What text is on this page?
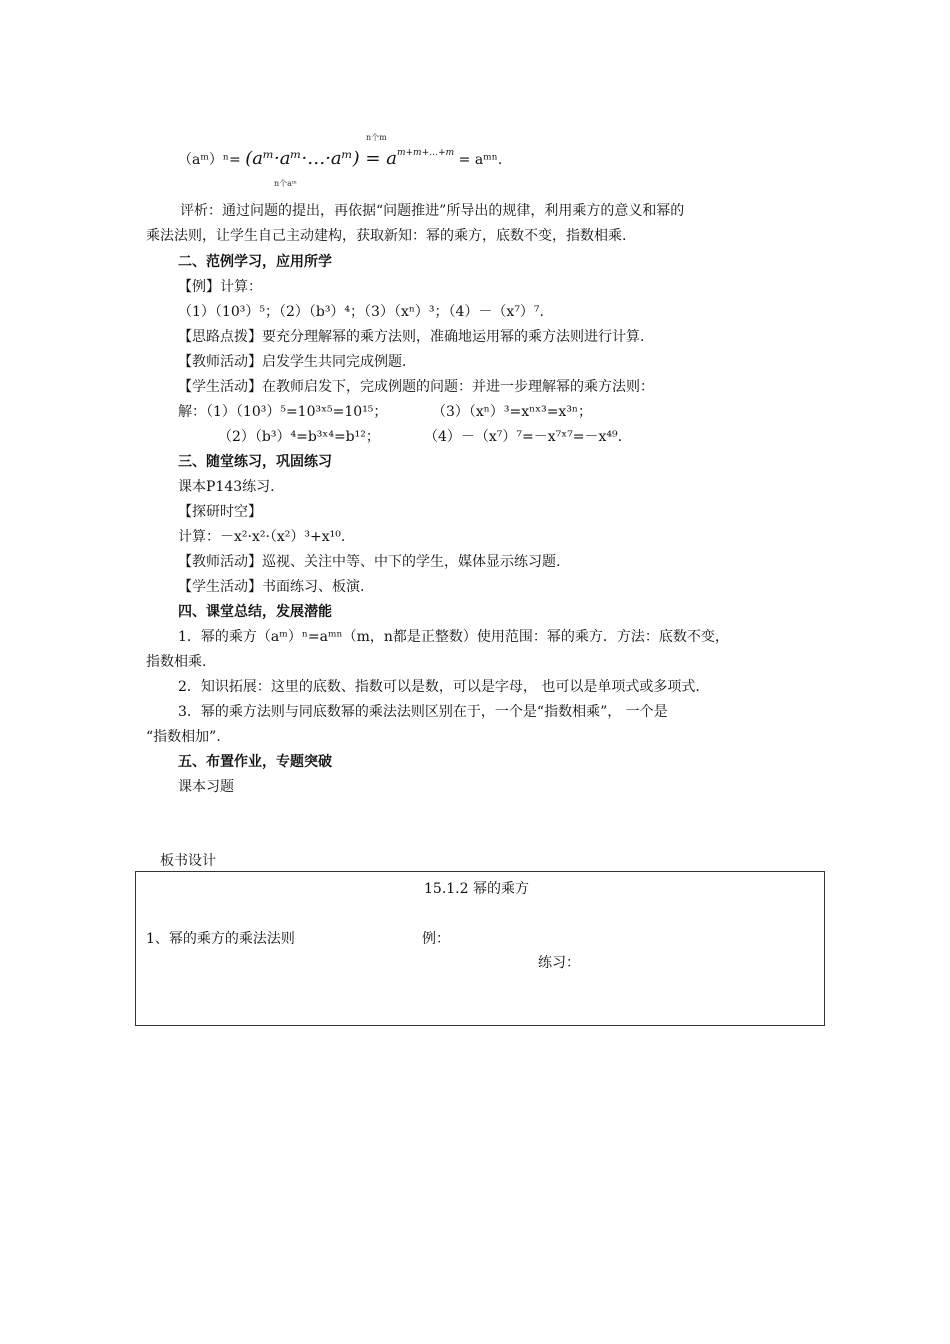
n个m
（aᵐ）ⁿ= (aᵐ·aᵐ·…·aᵐ) = $a^{m+m+\dots+m}$ = aᵐⁿ.
n个aᵐ
评析：通过问题的提出，再依据“问题推进”所导出的规律，利用乘方的意义和幂的
乘法法则，让学生自己主动建构，获取新知：幂的乘方，底数不变，指数相乘.
二、范例学习，应用所学
【例】计算：
（1）（10³）⁵；（2）（b³）⁴；（3）（xⁿ）³；（4）－（x⁷）⁷.
【思路点拨】要充分理解幂的乘方法则，准确地运用幂的乘方法则进行计算.
【教师活动】启发学生共同完成例题.
【学生活动】在教师启发下，完成例题的问题：并进一步理解幂的乘方法则：
解：（1）（10³）⁵=10³ˣ⁵=10¹⁵；	（3）（xⁿ）³=xⁿˣ³=x³ⁿ；
（2）（b³）⁴=b³ˣ⁴=b¹²；	（4）－（x⁷）⁷=－x⁷ˣ⁷=－x⁴⁹.
三、随堂练习，巩固练习
课本P143练习.
【探研时空】
计算：－x²·x²·（x²）³+x¹⁰.
【教师活动】巡视、关注中等、中下的学生，媒体显示练习题.
【学生活动】书面练习、板演.
四、课堂总结，发展潜能
1．幂的乘方（aᵐ）ⁿ=aᵐⁿ（m，n都是正整数）使用范围：幂的乘方．方法：底数不变，
指数相乘.
2．知识拓展：这里的底数、指数可以是数，可以是字母， 也可以是单项式或多项式.
3．幂的乘方法则与同底数幂的乘法法则区别在于，一个是“指数相乘”， 一个是
“指数相加”.
五、布置作业，专题突破
课本习题
板书设计
15.1.2 幂的乘方
1、幂的乘方的乘法法则	例：
练习：
